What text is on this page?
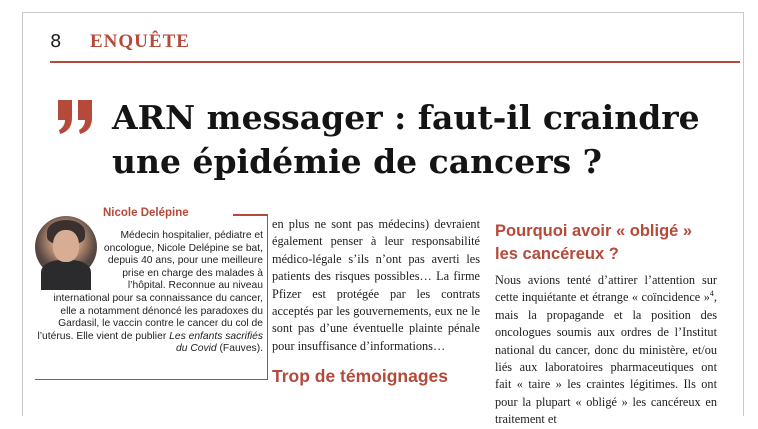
8	ENQUÊTE
ARN messager : faut-il craindre
une épidémie de cancers ?
Nicole Delépine
Médecin hospitalier, pédiatre et oncologue, Nicole Delépine se bat, depuis 40 ans, pour une meilleure prise en charge des malades à l’hôpital. Reconnue au niveau international pour sa connaissance du cancer, elle a notamment dénoncé les paradoxes du Gardasil, le vaccin contre le cancer du col de l’utérus. Elle vient de publier Les enfants sacrifiés du Covid (Fauves).
en plus ne sont pas médecins) devraient également penser à leur responsabilité médico-légale s’ils n’ont pas averti les patients des risques possibles… La firme Pfizer est protégée par les contrats acceptés par les gouvernements, eux ne le sont pas d’une éventuelle plainte pénale pour insuffisance d’informations…
Trop de témoignages
Pourquoi avoir « obligé » les cancéreux ?
Nous avions tenté d’attirer l’attention sur cette inquiétante et étrange « coïncidence »$^4$, mais la propagande et la position des oncologues soumis aux ordres de l’Institut national du cancer, donc du ministère, et/ou liés aux laboratoires pharmaceutiques ont fait « taire » les craintes légitimes. Ils ont pour la plupart « obligé » les cancéreux en traitement et
